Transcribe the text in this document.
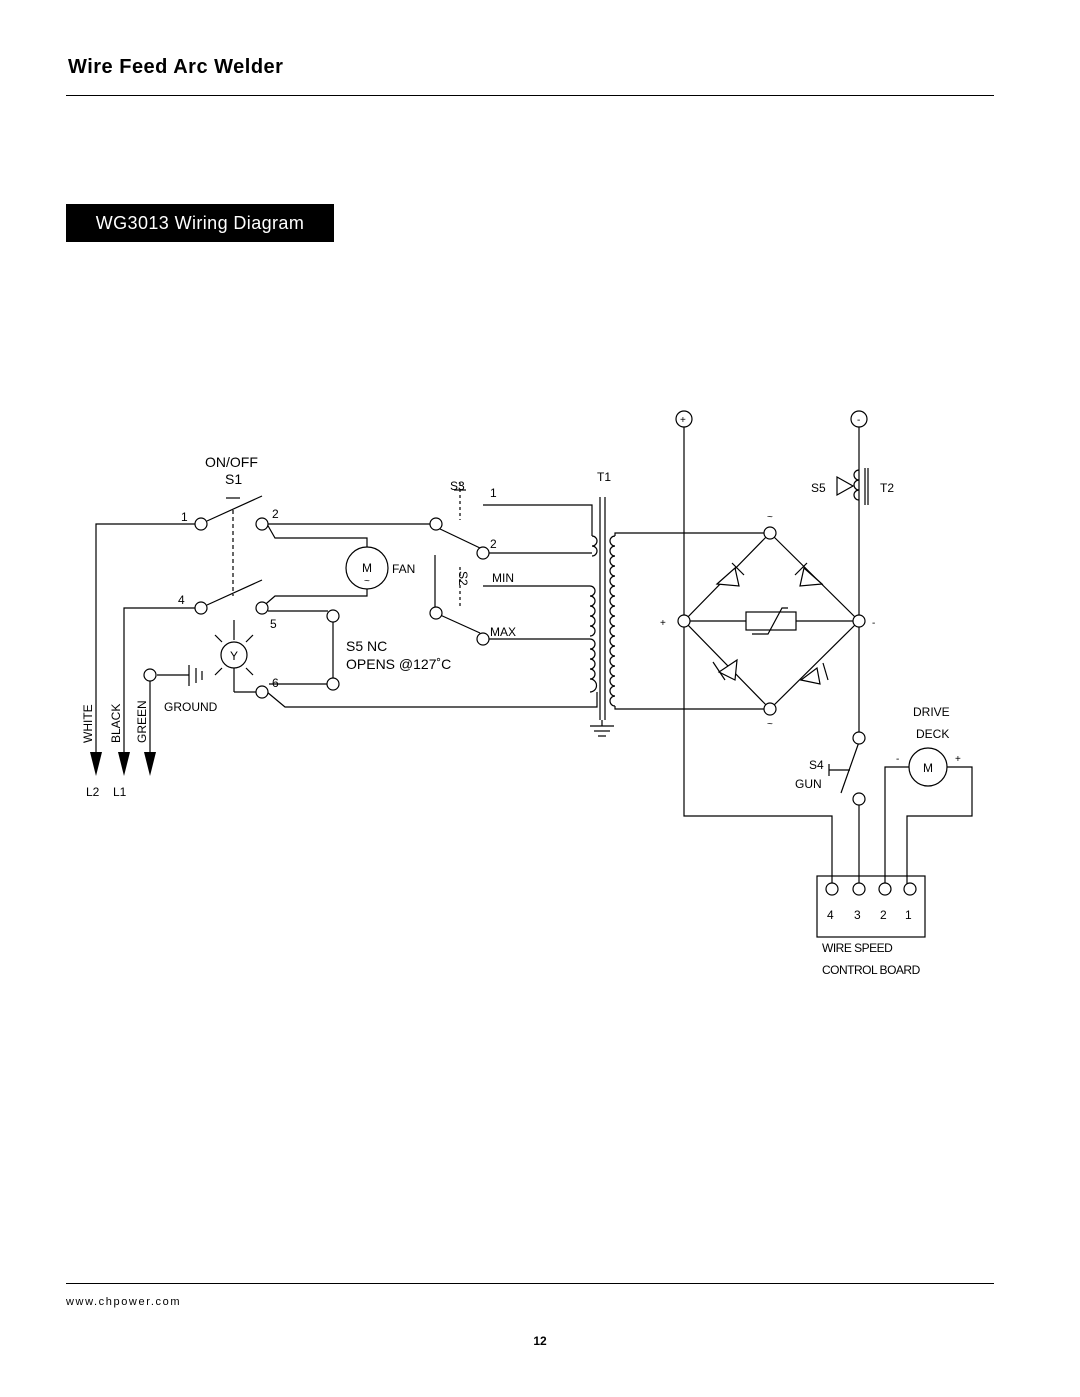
Wire Feed Arc Welder
WG3013 Wiring Diagram
ON/OFF
S1
1	2
4
5
6
M
~
FAN
Y
S3 1
2
S2 MIN
MAX
S5 NC
OPENS @127˚C
GROUND
WHITE BLACK GREEN
L2 L1
T1
+	-
+	-
~
~
S5	T2
DRIVE
DECK
-	+
M
S4
GUN
4 3 2 1
WIRE SPEED
CONTROL BOARD
www.chpower.com
12
